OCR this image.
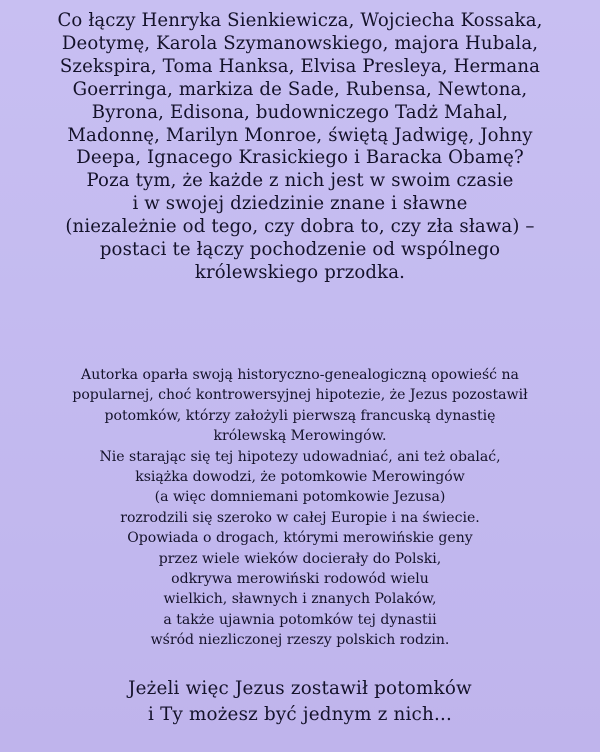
Co łączy Henryka Sienkiewicza, Wojciecha Kossaka,
Deotymę, Karola Szymanowskiego, majora Hubala,
Szekspira, Toma Hanksa, Elvisa Presleya, Hermana
Goerringa, markiza de Sade, Rubensa, Newtona,
Byrona, Edisona, budowniczego Tadż Mahal,
Madonnę, Marilyn Monroe, świętą Jadwigę, Johny
Deepa, Ignacego Krasickiego i Baracka Obamę?
Poza tym, że każde z nich jest w swoim czasie
i w swojej dziedzinie znane i sławne
(niezależnie od tego, czy dobra to, czy zła sława) –
postaci te łączy pochodzenie od wspólnego
królewskiego przodka.

Autorka oparła swoją historyczno-genealogiczną opowieść na
popularnej, choć kontrowersyjnej hipotezie, że Jezus pozostawił
potomków, którzy założyli pierwszą francuską dynastię
królewską Merowingów.
Nie starając się tej hipotezy udowadniać, ani też obalać,
książka dowodzi, że potomkowie Merowingów
(a więc domniemani potomkowie Jezusa)
rozrodzili się szeroko w całej Europie i na świecie.
Opowiada o drogach, którymi merowińskie geny
przez wiele wieków docierały do Polski,
odkrywa merowiński rodowód wielu
wielkich, sławnych i znanych Polaków,
a także ujawnia potomków tej dynastii
wśród niezliczonej rzeszy polskich rodzin.

Jeżeli więc Jezus zostawił potomków
i Ty możesz być jednym z nich...
